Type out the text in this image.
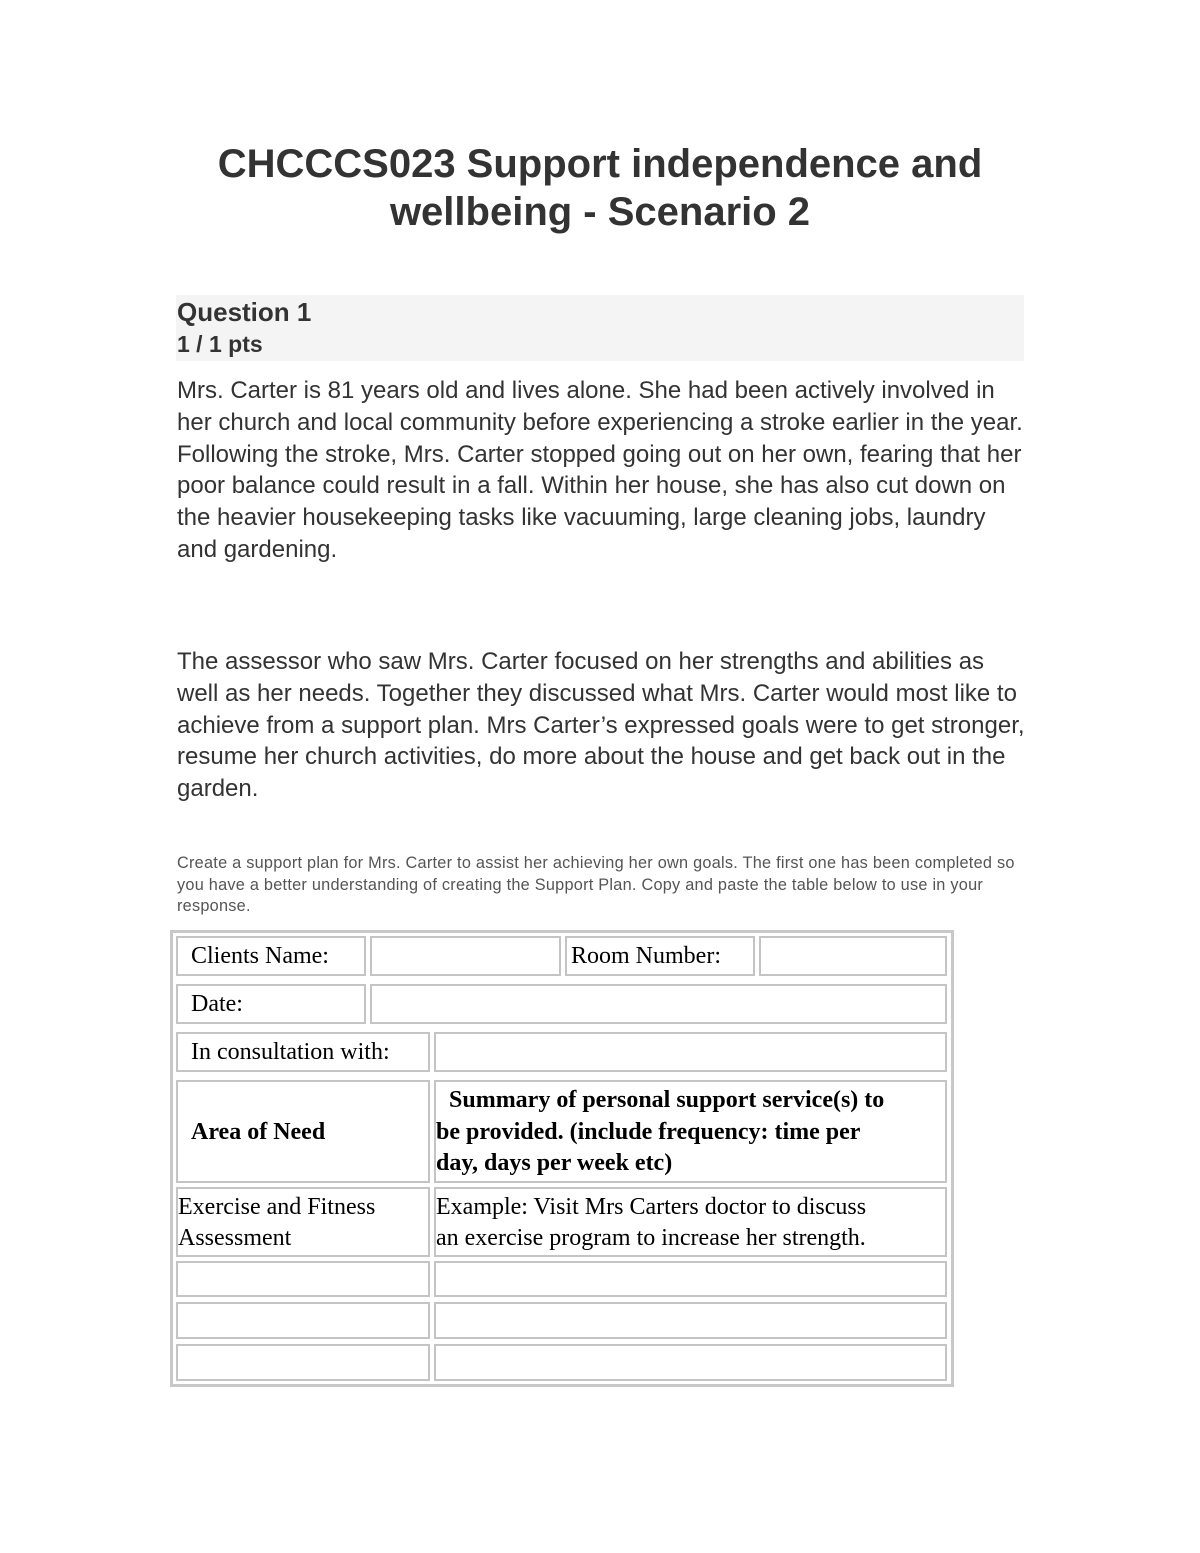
CHCCCS023 Support independence and
wellbeing - Scenario 2
Question 1
1 / 1 pts

Mrs. Carter is 81 years old and lives alone. She had been actively involved in her church and local community before experiencing a stroke earlier in the year. Following the stroke, Mrs. Carter stopped going out on her own, fearing that her poor balance could result in a fall. Within her house, she has also cut down on the heavier housekeeping tasks like vacuuming, large cleaning jobs, laundry and gardening.

The assessor who saw Mrs. Carter focused on her strengths and abilities as well as her needs. Together they discussed what Mrs. Carter would most like to achieve from a support plan. Mrs Carter’s expressed goals were to get stronger, resume her church activities, do more about the house and get back out in the garden.

Create a support plan for Mrs. Carter to assist her achieving her own goals. The first one has been completed so you have a better understanding of creating the Support Plan. Copy and paste the table below to use in your response.

Clients Name:	Room Number:
Date:
In consultation with:
Area of Need
Summary of personal support service(s) to
be provided. (include frequency: time per
day, days per week etc)
Exercise and Fitness
Assessment
Example: Visit Mrs Carters doctor to discuss
an exercise program to increase her strength.
